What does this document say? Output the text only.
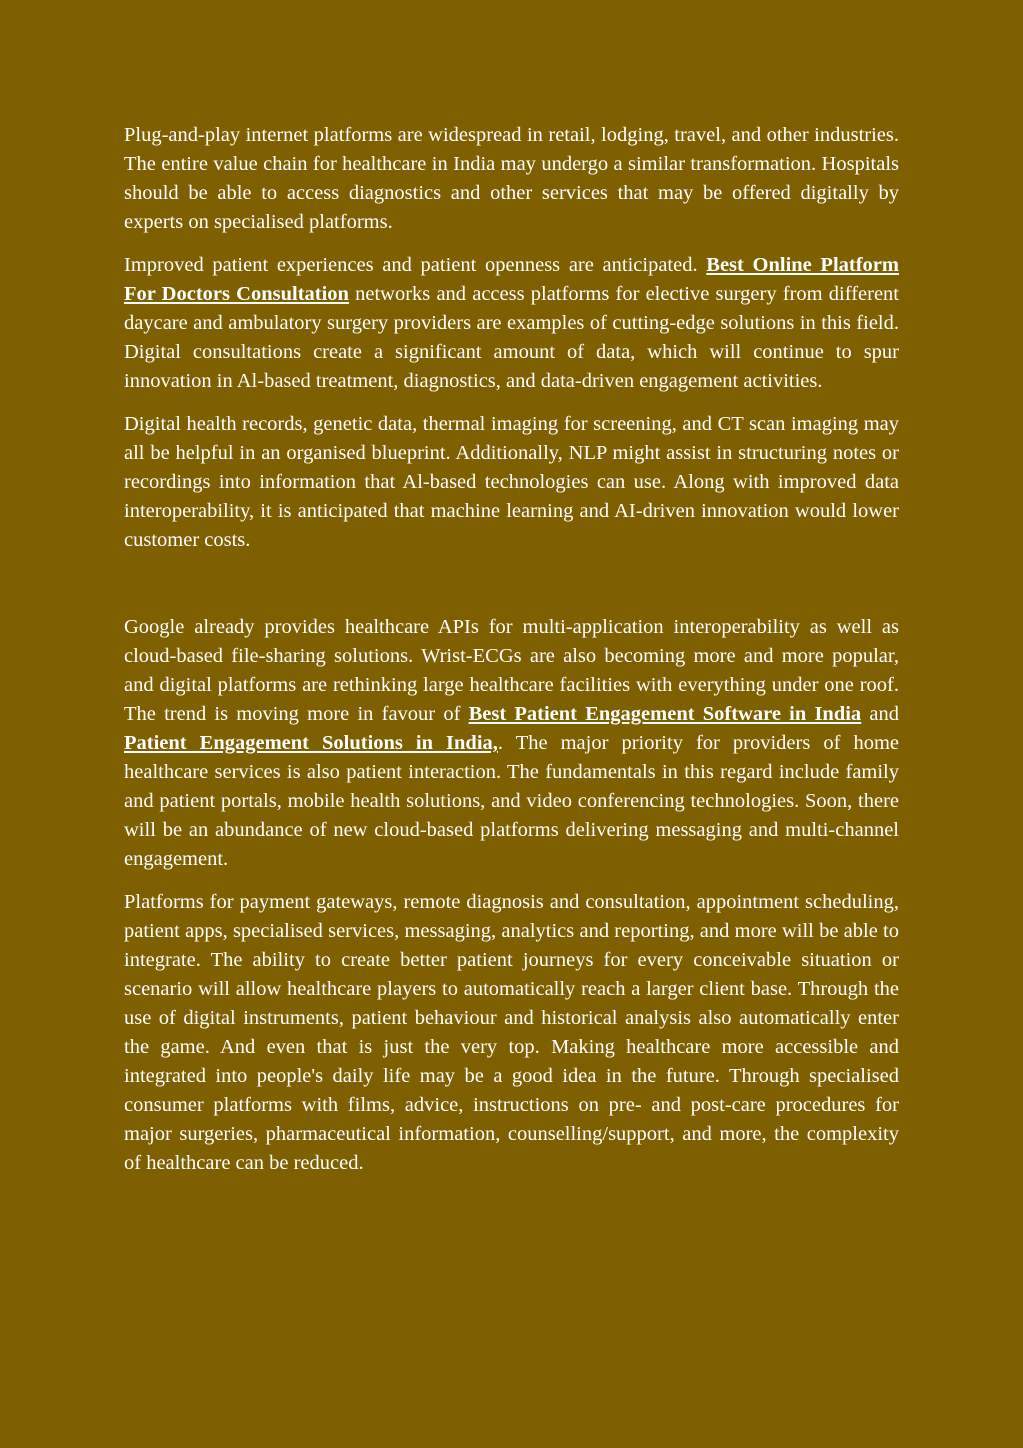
Plug-and-play internet platforms are widespread in retail, lodging, travel, and other industries. The entire value chain for healthcare in India may undergo a similar transformation. Hospitals should be able to access diagnostics and other services that may be offered digitally by experts on specialised platforms.

Improved patient experiences and patient openness are anticipated. Best Online Platform For Doctors Consultation networks and access platforms for elective surgery from different daycare and ambulatory surgery providers are examples of cutting-edge solutions in this field. Digital consultations create a significant amount of data, which will continue to spur innovation in Al-based treatment, diagnostics, and data-driven engagement activities.

Digital health records, genetic data, thermal imaging for screening, and CT scan imaging may all be helpful in an organised blueprint. Additionally, NLP might assist in structuring notes or recordings into information that Al-based technologies can use. Along with improved data interoperability, it is anticipated that machine learning and AI-driven innovation would lower customer costs.

Google already provides healthcare APIs for multi-application interoperability as well as cloud-based file-sharing solutions. Wrist-ECGs are also becoming more and more popular, and digital platforms are rethinking large healthcare facilities with everything under one roof. The trend is moving more in favour of Best Patient Engagement Software in India and Patient Engagement Solutions in India,. The major priority for providers of home healthcare services is also patient interaction. The fundamentals in this regard include family and patient portals, mobile health solutions, and video conferencing technologies. Soon, there will be an abundance of new cloud-based platforms delivering messaging and multi-channel engagement.

Platforms for payment gateways, remote diagnosis and consultation, appointment scheduling, patient apps, specialised services, messaging, analytics and reporting, and more will be able to integrate. The ability to create better patient journeys for every conceivable situation or scenario will allow healthcare players to automatically reach a larger client base. Through the use of digital instruments, patient behaviour and historical analysis also automatically enter the game. And even that is just the very top. Making healthcare more accessible and integrated into people's daily life may be a good idea in the future. Through specialised consumer platforms with films, advice, instructions on pre- and post-care procedures for major surgeries, pharmaceutical information, counselling/support, and more, the complexity of healthcare can be reduced.
